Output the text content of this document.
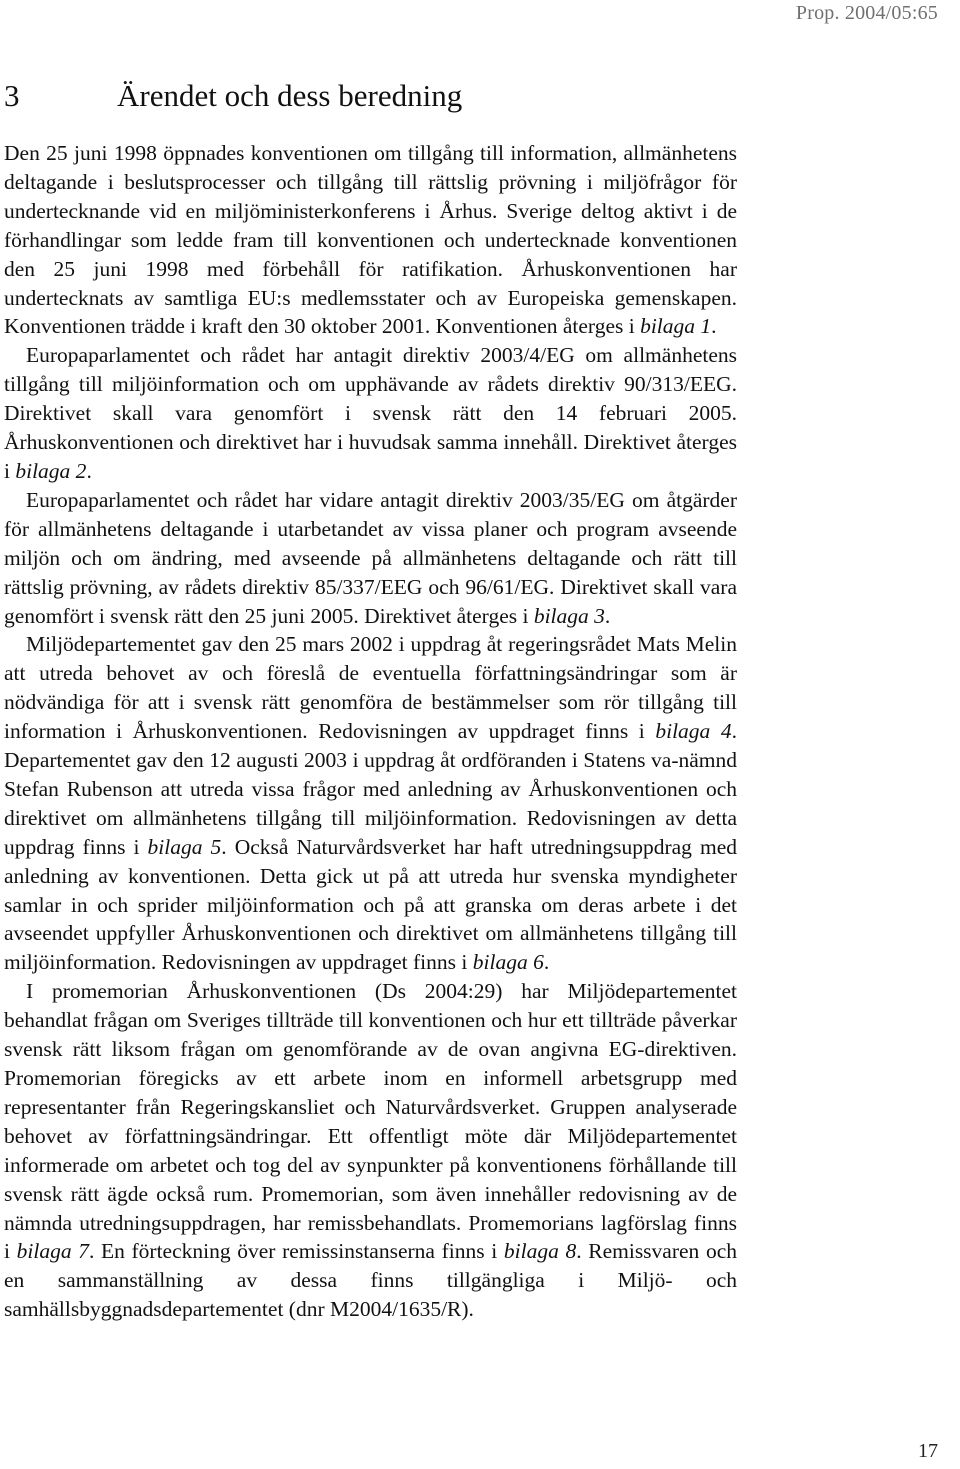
Prop. 2004/05:65
3	Ärendet och dess beredning

Den 25 juni 1998 öppnades konventionen om tillgång till information, allmänhetens deltagande i beslutsprocesser och tillgång till rättslig prövning i miljöfrågor för undertecknande vid en miljöministerkonferens i Århus. Sverige deltog aktivt i de förhandlingar som ledde fram till konventionen och undertecknade konventionen den 25 juni 1998 med förbehåll för ratifikation. Århuskonventionen har undertecknats av samtliga EU:s medlemsstater och av Europeiska gemenskapen. Konventionen trädde i kraft den 30 oktober 2001. Konventionen återges i bilaga 1.

Europaparlamentet och rådet har antagit direktiv 2003/4/EG om allmänhetens tillgång till miljöinformation och om upphävande av rådets direktiv 90/313/EEG. Direktivet skall vara genomfört i svensk rätt den 14 februari 2005. Århuskonventionen och direktivet har i huvudsak samma innehåll. Direktivet återges i bilaga 2.

Europaparlamentet och rådet har vidare antagit direktiv 2003/35/EG om åtgärder för allmänhetens deltagande i utarbetandet av vissa planer och program avseende miljön och om ändring, med avseende på allmänhetens deltagande och rätt till rättslig prövning, av rådets direktiv 85/337/EEG och 96/61/EG. Direktivet skall vara genomfört i svensk rätt den 25 juni 2005. Direktivet återges i bilaga 3.

Miljödepartementet gav den 25 mars 2002 i uppdrag åt regeringsrådet Mats Melin att utreda behovet av och föreslå de eventuella författningsändringar som är nödvändiga för att i svensk rätt genomföra de bestämmelser som rör tillgång till information i Århuskonventionen. Redovisningen av uppdraget finns i bilaga 4. Departementet gav den 12 augusti 2003 i uppdrag åt ordföranden i Statens va-nämnd Stefan Rubenson att utreda vissa frågor med anledning av Århuskonventionen och direktivet om allmänhetens tillgång till miljöinformation. Redovisningen av detta uppdrag finns i bilaga 5. Också Naturvårdsverket har haft utredningsuppdrag med anledning av konventionen. Detta gick ut på att utreda hur svenska myndigheter samlar in och sprider miljöinformation och på att granska om deras arbete i det avseendet uppfyller Århuskonventionen och direktivet om allmänhetens tillgång till miljöinformation. Redovisningen av uppdraget finns i bilaga 6.

I promemorian Århuskonventionen (Ds 2004:29) har Miljödepartementet behandlat frågan om Sveriges tillträde till konventionen och hur ett tillträde påverkar svensk rätt liksom frågan om genomförande av de ovan angivna EG-direktiven. Promemorian föregicks av ett arbete inom en informell arbetsgrupp med representanter från Regeringskansliet och Naturvårdsverket. Gruppen analyserade behovet av författningsändringar. Ett offentligt möte där Miljödepartementet informerade om arbetet och tog del av synpunkter på konventionens förhållande till svensk rätt ägde också rum. Promemorian, som även innehåller redovisning av de nämnda utredningsuppdragen, har remissbehandlats. Promemorians lagförslag finns i bilaga 7. En förteckning över remissinstanserna finns i bilaga 8. Remissvaren och en sammanställning av dessa finns tillgängliga i Miljö- och samhällsbyggnadsdepartementet (dnr M2004/1635/R).

17
